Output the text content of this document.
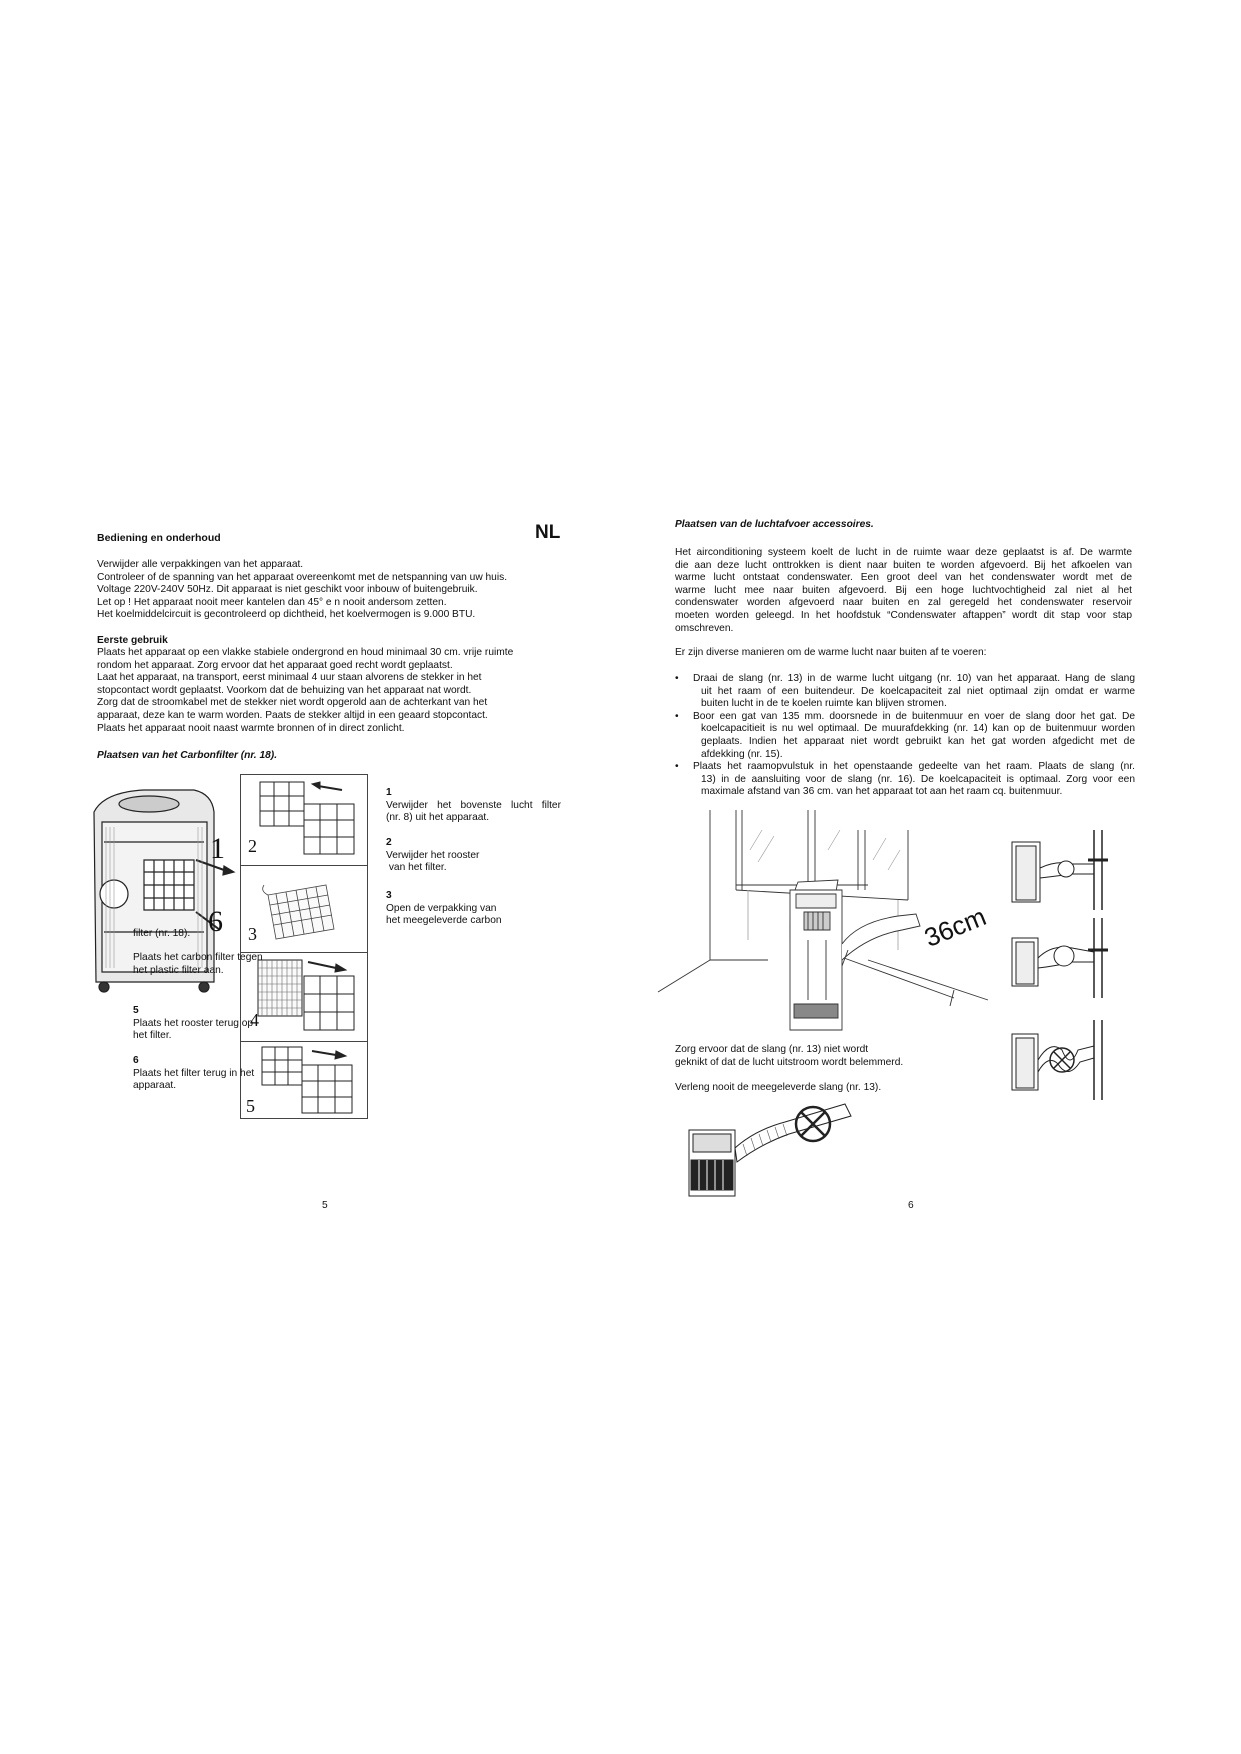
Bediening en onderhoud	NL
Verwijder alle verpakkingen van het apparaat.
Controleer of de spanning van het apparaat overeenkomt met de netspanning van uw huis.
Voltage 220V-240V 50Hz. Dit apparaat is niet geschikt voor inbouw of buitengebruik.
Let op ! Het apparaat nooit meer kantelen dan 45° e n nooit andersom zetten.
Het koelmiddelcircuit is gecontroleerd op dichtheid, het koelvermogen is 9.000 BTU.
Eerste gebruik
Plaats het apparaat op een vlakke stabiele ondergrond en houd minimaal 30 cm. vrije ruimte
rondom het apparaat. Zorg ervoor dat het apparaat goed recht wordt geplaatst.
Laat het apparaat, na transport, eerst minimaal 4 uur staan alvorens de stekker in het
stopcontact wordt geplaatst. Voorkom dat de behuizing van het apparaat nat wordt.
Zorg dat de stroomkabel met de stekker niet wordt opgerold aan de achterkant van het
apparaat, deze kan te warm worden. Paats de stekker altijd in een geaard stopcontact.
Plaats het apparaat nooit naast warmte bronnen of in direct zonlicht.
Plaatsen van het Carbonfilter (nr. 18).
1
6
2
3
4
5
1
Verwijder het bovenste lucht filter
(nr. 8) uit het apparaat.
2
Verwijder het rooster
van het filter.
3
Open de verpakking van
het meegeleverde carbon
filter (nr. 18).
Plaats het carbon filter tegen
het plastic filter aan.
5
Plaats het rooster terug op
het filter.
6
Plaats het filter terug in het
apparaat.
5
Plaatsen van de luchtafvoer accessoires.
Het airconditioning systeem koelt de lucht in de ruimte waar deze geplaatst is af. De warmte
die aan deze lucht onttrokken is dient naar buiten te worden afgevoerd. Bij het afkoelen van
warme lucht ontstaat condenswater. Een groot deel van het condenswater wordt met de
warme lucht mee naar buiten afgevoerd. Bij een hoge luchtvochtigheid zal niet al het
condenswater worden afgevoerd naar buiten en zal geregeld het condenswater reservoir
moeten worden geleegd. In het hoofdstuk “Condenswater aftappen” wordt dit stap voor stap
omschreven.
Er zijn diverse manieren om de warme lucht naar buiten af te voeren:
• Draai de slang (nr. 13) in de warme lucht uitgang (nr. 10) van het apparaat. Hang de slang
uit het raam of een buitendeur. De koelcapaciteit zal niet optimaal zijn omdat er warme
buiten lucht in de te koelen ruimte kan blijven stromen.
• Boor een gat van 135 mm. doorsnede in de buitenmuur en voer de slang door het gat. De
koelcapacitieit is nu wel optimaal. De muurafdekking (nr. 14) kan op de buitenmuur worden
geplaats. Indien het apparaat niet wordt gebruikt kan het gat worden afgedicht met de
afdekking (nr. 15).
• Plaats het raamopvulstuk in het openstaande gedeelte van het raam. Plaats de slang (nr.
13) in de aansluiting voor de slang (nr. 16). De koelcapaciteit is optimaal. Zorg voor een
maximale afstand van 36 cm. van het apparaat tot aan het raam cq. buitenmuur.
36cm
Zorg ervoor dat de slang (nr. 13) niet wordt
geknikt of dat de lucht uitstroom wordt belemmerd.
Verleng nooit de meegeleverde slang (nr. 13).
6
